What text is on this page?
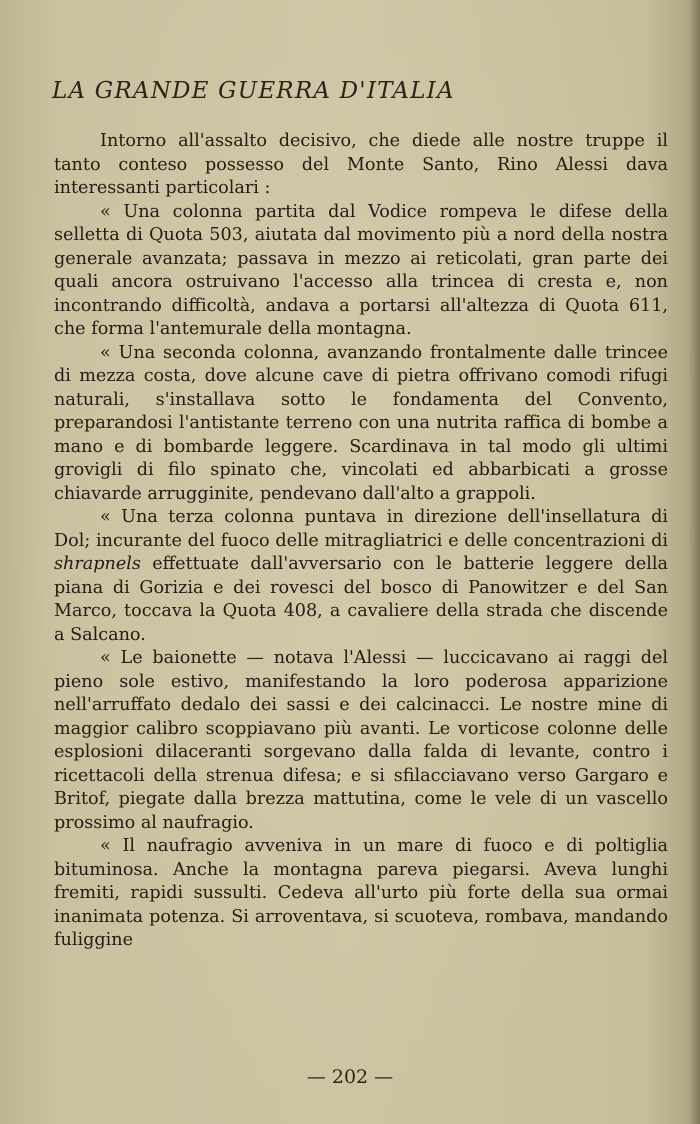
LA GRANDE GUERRA D'ITALIA

Intorno all'assalto decisivo, che diede alle nostre truppe il tanto conteso possesso del Monte Santo, Rino Alessi dava interessanti particolari :

« Una colonna partita dal Vodice rompeva le difese della selletta di Quota 503, aiutata dal movimento più a nord della nostra generale avanzata; passava in mezzo ai reticolati, gran parte dei quali ancora ostruivano l'accesso alla trincea di cresta e, non incontrando difficoltà, andava a portarsi all'altezza di Quota 611, che forma l'antemurale della montagna.

« Una seconda colonna, avanzando frontalmente dalle trincee di mezza costa, dove alcune cave di pietra offrivano comodi rifugi naturali, s'installava sotto le fondamenta del Convento, preparandosi l'antistante terreno con una nutrita raffica di bombe a mano e di bombarde leggere. Scardinava in tal modo gli ultimi grovigli di filo spinato che, vincolati ed abbarbicati a grosse chiavarde arrugginite, pendevano dall'alto a grappoli.

« Una terza colonna puntava in direzione dell'insellatura di Dol; incurante del fuoco delle mitragliatrici e delle concentrazioni di shrapnels effettuate dall'avversario con le batterie leggere della piana di Gorizia e dei rovesci del bosco di Panowitzer e del San Marco, toccava la Quota 408, a cavaliere della strada che discende a Salcano.

« Le baionette — notava l'Alessi — luccicavano ai raggi del pieno sole estivo, manifestando la loro poderosa apparizione nell'arruffato dedalo dei sassi e dei calcinacci. Le nostre mine di maggior calibro scoppiavano più avanti. Le vorticose colonne delle esplosioni dilaceranti sorgevano dalla falda di levante, contro i ricettacoli della strenua difesa; e si sfilacciavano verso Gargaro e Britof, piegate dalla brezza mattutina, come le vele di un vascello prossimo al naufragio.

« Il naufragio avveniva in un mare di fuoco e di poltiglia bituminosa. Anche la montagna pareva piegarsi. Aveva lunghi fremiti, rapidi sussulti. Cedeva all'urto più forte della sua ormai inanimata potenza. Si arroventava, si scuoteva, rombava, mandando fuliggine

— 202 —
